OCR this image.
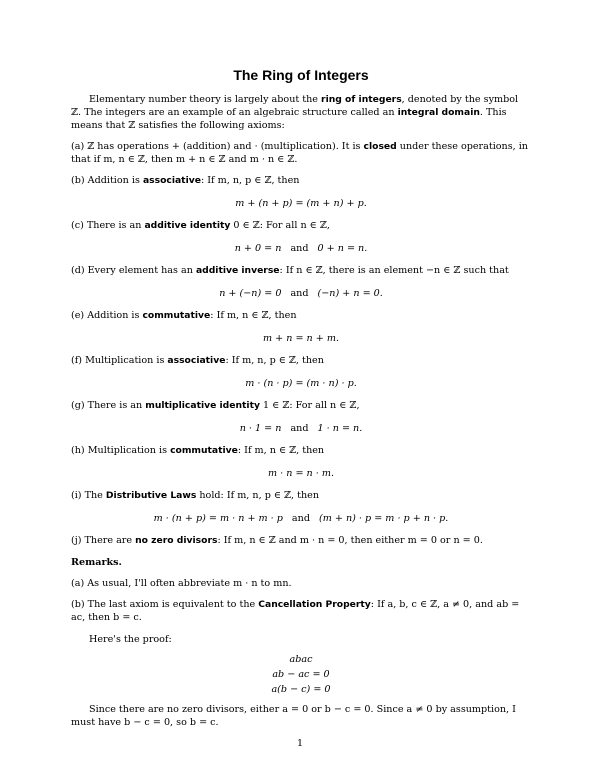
The Ring of Integers

Elementary number theory is largely about the ring of integers, denoted by the symbol ℤ. The integers are an example of an algebraic structure called an integral domain. This means that ℤ satisfies the following axioms:

(a) ℤ has operations + (addition) and · (multiplication). It is closed under these operations, in that if m, n ∈ ℤ, then m + n ∈ ℤ and m · n ∈ ℤ.

(b) Addition is associative: If m, n, p ∈ ℤ, then

m + (n + p) = (m + n) + p.

(c) There is an additive identity 0 ∈ ℤ: For all n ∈ ℤ,

n + 0 = n and 0 + n = n.

(d) Every element has an additive inverse: If n ∈ ℤ, there is an element −n ∈ ℤ such that

n + (−n) = 0 and (−n) + n = 0.

(e) Addition is commutative: If m, n ∈ ℤ, then

m + n = n + m.

(f) Multiplication is associative: If m, n, p ∈ ℤ, then

m · (n · p) = (m · n) · p.

(g) There is an multiplicative identity 1 ∈ ℤ: For all n ∈ ℤ,

n · 1 = n and 1 · n = n.

(h) Multiplication is commutative: If m, n ∈ ℤ, then

m · n = n · m.

(i) The Distributive Laws hold: If m, n, p ∈ ℤ, then

m · (n + p) = m · n + m · p and (m + n) · p = m · p + n · p.

(j) There are no zero divisors: If m, n ∈ ℤ and m · n = 0, then either m = 0 or n = 0.

Remarks.

(a) As usual, I'll often abbreviate m · n to mn.

(b) The last axiom is equivalent to the Cancellation Property: If a, b, c ∈ ℤ, a ≠ 0, and ab = ac, then b = c.

Here's the proof:

abac
ab − ac = 0
a(b − c) = 0

Since there are no zero divisors, either a = 0 or b − c = 0. Since a ≠ 0 by assumption, I must have b − c = 0, so b = c.

1
